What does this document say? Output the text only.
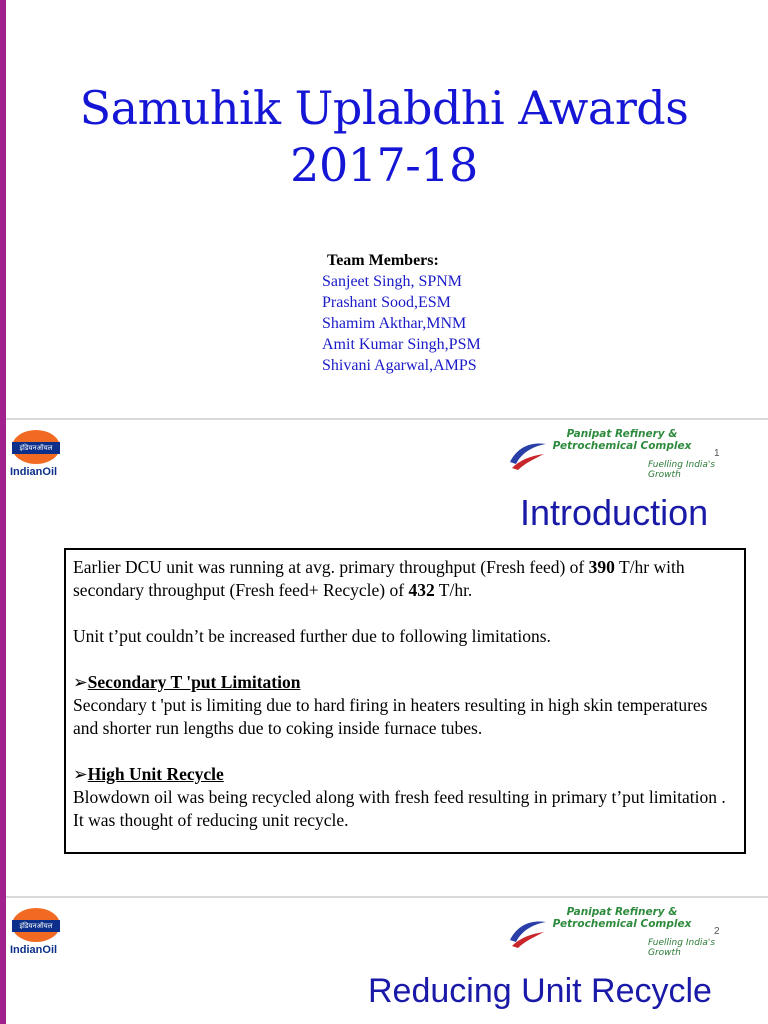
Samuhik Uplabdhi Awards
2017-18
Team Members:
Sanjeet Singh, SPNM
Prashant Sood,ESM
Shamim Akthar,MNM
Amit Kumar Singh,PSM
Shivani Agarwal,AMPS
इंडियनऑयल
IndianOil
Panipat Refinery &
Petrochemical Complex
1
Fuelling India's Growth
Introduction

Earlier DCU unit was running at avg. primary throughput (Fresh feed) of 390 T/hr with secondary throughput (Fresh feed+ Recycle) of 432 T/hr.

Unit t’put couldn’t be increased further due to following limitations.

➢Secondary T 'put Limitation

Secondary t 'put is limiting due to hard firing in heaters resulting in high skin temperatures and shorter run lengths due to coking inside furnace tubes.

➢High Unit Recycle

Blowdown oil was being recycled along with fresh feed resulting in primary t’put limitation . It was thought of reducing unit recycle.

इंडियनऑयल
IndianOil
Panipat Refinery &
Petrochemical Complex
2
Fuelling India's Growth
Reducing Unit Recycle
